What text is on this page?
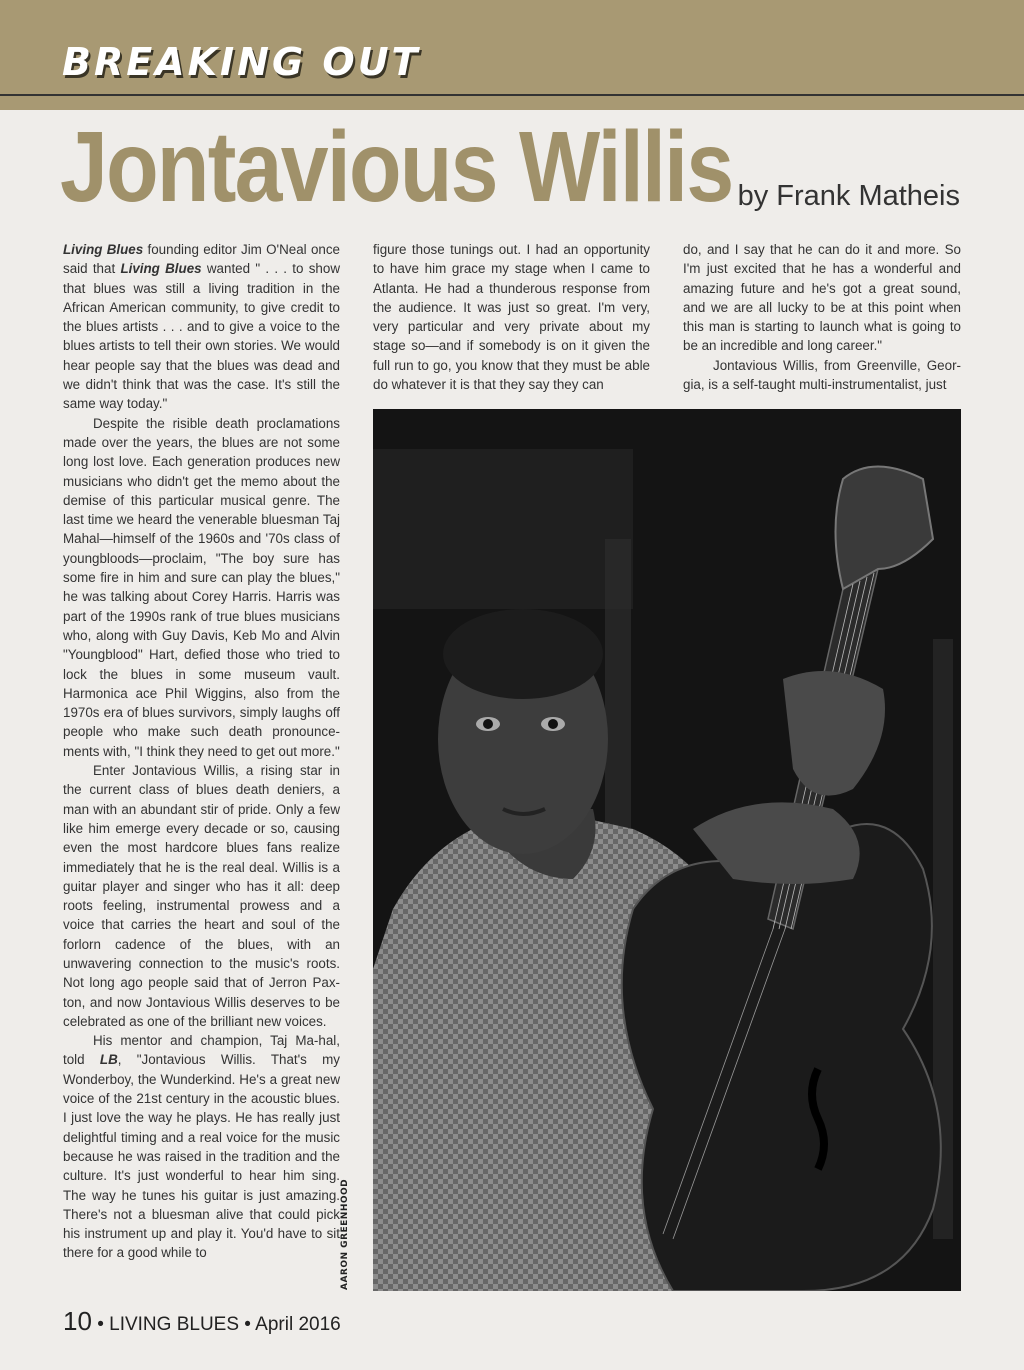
BREAKING OUT
Jontavious Willis by Frank Matheis

Living Blues founding editor Jim O'Neal once said that Living Blues wanted " . . . to show that blues was still a living tradition in the African American community, to give credit to the blues artists . . . and to give a voice to the blues artists to tell their own stories. We would hear people say that the blues was dead and we didn't think that was the case. It's still the same way today."

Despite the risible death proclamations made over the years, the blues are not some long lost love. Each generation produces new musicians who didn't get the memo about the demise of this particular musical genre. The last time we heard the venerable bluesman Taj Mahal—himself of the 1960s and '70s class of youngbloods—proclaim, "The boy sure has some fire in him and sure can play the blues," he was talking about Corey Harris. Harris was part of the 1990s rank of true blues musicians who, along with Guy Davis, Keb Mo and Alvin "Youngblood" Hart, defied those who tried to lock the blues in some museum vault. Harmonica ace Phil Wiggins, also from the 1970s era of blues survivors, simply laughs off people who make such death pronounce-ments with, "I think they need to get out more."

Enter Jontavious Willis, a rising star in the current class of blues death deniers, a man with an abundant stir of pride. Only a few like him emerge every decade or so, causing even the most hardcore blues fans realize immediately that he is the real deal. Willis is a guitar player and singer who has it all: deep roots feeling, instrumental prowess and a voice that carries the heart and soul of the forlorn cadence of the blues, with an unwavering connection to the music's roots. Not long ago people said that of Jerron Pax-ton, and now Jontavious Willis deserves to be celebrated as one of the brilliant new voices.

His mentor and champion, Taj Ma-hal, told LB, "Jontavious Willis. That's my Wonderboy, the Wunderkind. He's a great new voice of the 21st century in the acoustic blues. I just love the way he plays. He has really just delightful timing and a real voice for the music because he was raised in the tradition and the culture. It's just wonderful to hear him sing. The way he tunes his guitar is just amazing. There's not a bluesman alive that could pick his instrument up and play it. You'd have to sit there for a good while to

figure those tunings out. I had an opportunity to have him grace my stage when I came to Atlanta. He had a thunderous response from the audience. It was just so great. I'm very, very particular and very private about my stage so—and if somebody is on it given the full run to go, you know that they must be able do whatever it is that they say they can

do, and I say that he can do it and more. So I'm just excited that he has a wonderful and amazing future and he's got a great sound, and we are all lucky to be at this point when this man is starting to launch what is going to be an incredible and long career."

Jontavious Willis, from Greenville, Geor-gia, is a self-taught multi-instrumentalist, just

AARON GREENHOOD
10 • LIVING BLUES • April 2016
